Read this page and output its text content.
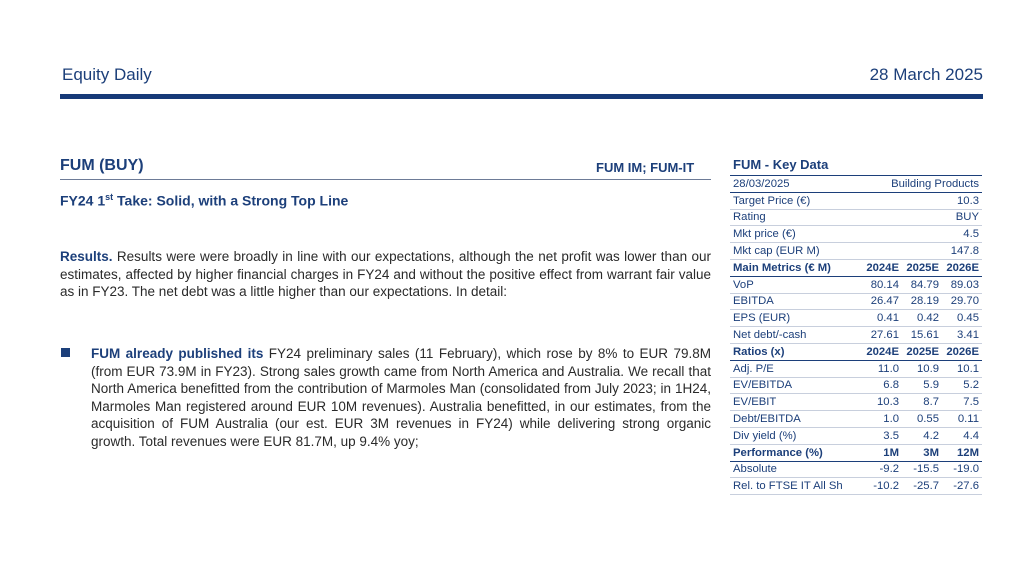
Equity Daily	28 March 2025
FUM (BUY)	FUM IM; FUM-IT
FY24 1st Take: Solid, with a Strong Top Line
Results. Results were were broadly in line with our expectations, although the net profit was lower than our estimates, affected by higher financial charges in FY24 and without the positive effect from warrant fair value as in FY23. The net debt was a little higher than our expectations. In detail:
FUM already published its FY24 preliminary sales (11 February), which rose by 8% to EUR 79.8M (from EUR 73.9M in FY23). Strong sales growth came from North America and Australia. We recall that North America benefitted from the contribution of Marmoles Man (consolidated from July 2023; in 1H24, Marmoles Man registered around EUR 10M revenues). Australia benefitted, in our estimates, from the acquisition of FUM Australia (our est. EUR 3M revenues in FY24) while delivering strong organic growth. Total revenues were EUR 81.7M, up 9.4% yoy;
FUM - Key Data
28/03/2025	Building Products
Target Price (€)	10.3
Rating	BUY
Mkt price (€)	4.5
Mkt cap (EUR M)	147.8
Main Metrics (€ M)	2024E 2025E 2026E
VoP	80.14	84.79	89.03
EBITDA	26.47	28.19	29.70
EPS (EUR)	0.41	0.42	0.45
Net debt/-cash	27.61	15.61	3.41
Ratios (x)	2024E 2025E 2026E
Adj. P/E	11.0	10.9	10.1
EV/EBITDA	6.8	5.9	5.2
EV/EBIT	10.3	8.7	7.5
Debt/EBITDA	1.0	0.55	0.11
Div yield (%)	3.5	4.2	4.4
Performance (%)	1M	3M	12M
Absolute	-9.2	-15.5	-19.0
Rel. to FTSE IT All Sh	-10.2	-25.7	-27.6
